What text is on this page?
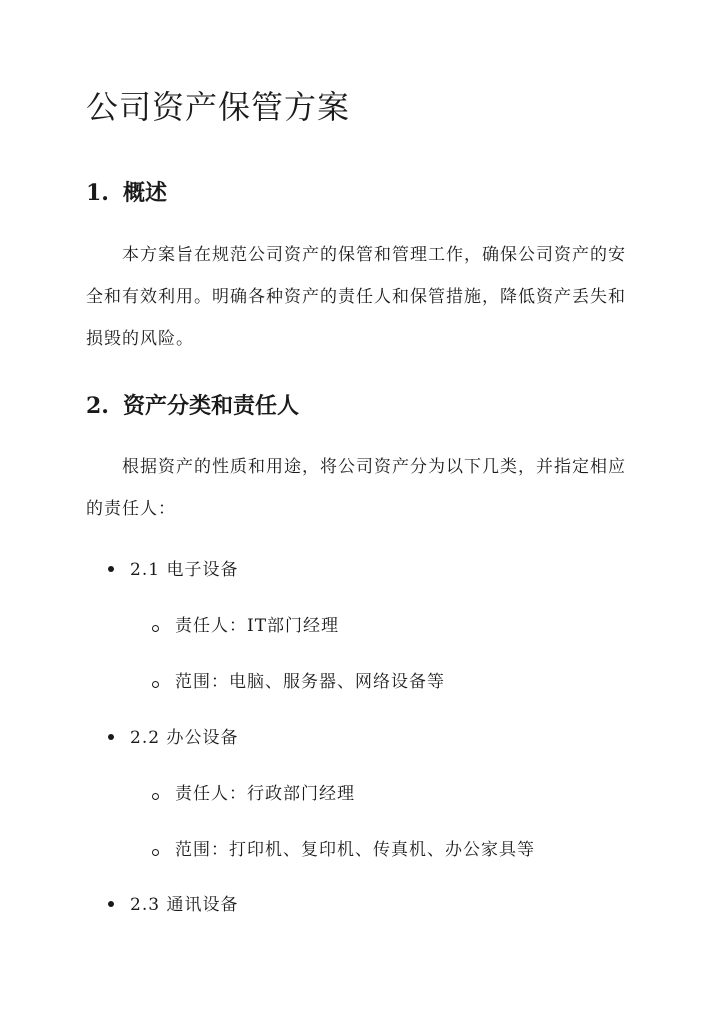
公司资产保管方案
1. 概述

本方案旨在规范公司资产的保管和管理工作，确保公司资产的安全和有效利用。明确各种资产的责任人和保管措施，降低资产丢失和损毁的风险。

2. 资产分类和责任人

根据资产的性质和用途，将公司资产分为以下几类，并指定相应的责任人：

2.1 电子设备
责任人：IT部门经理
范围：电脑、服务器、网络设备等
2.2 办公设备
责任人：行政部门经理
范围：打印机、复印机、传真机、办公家具等
2.3 通讯设备
